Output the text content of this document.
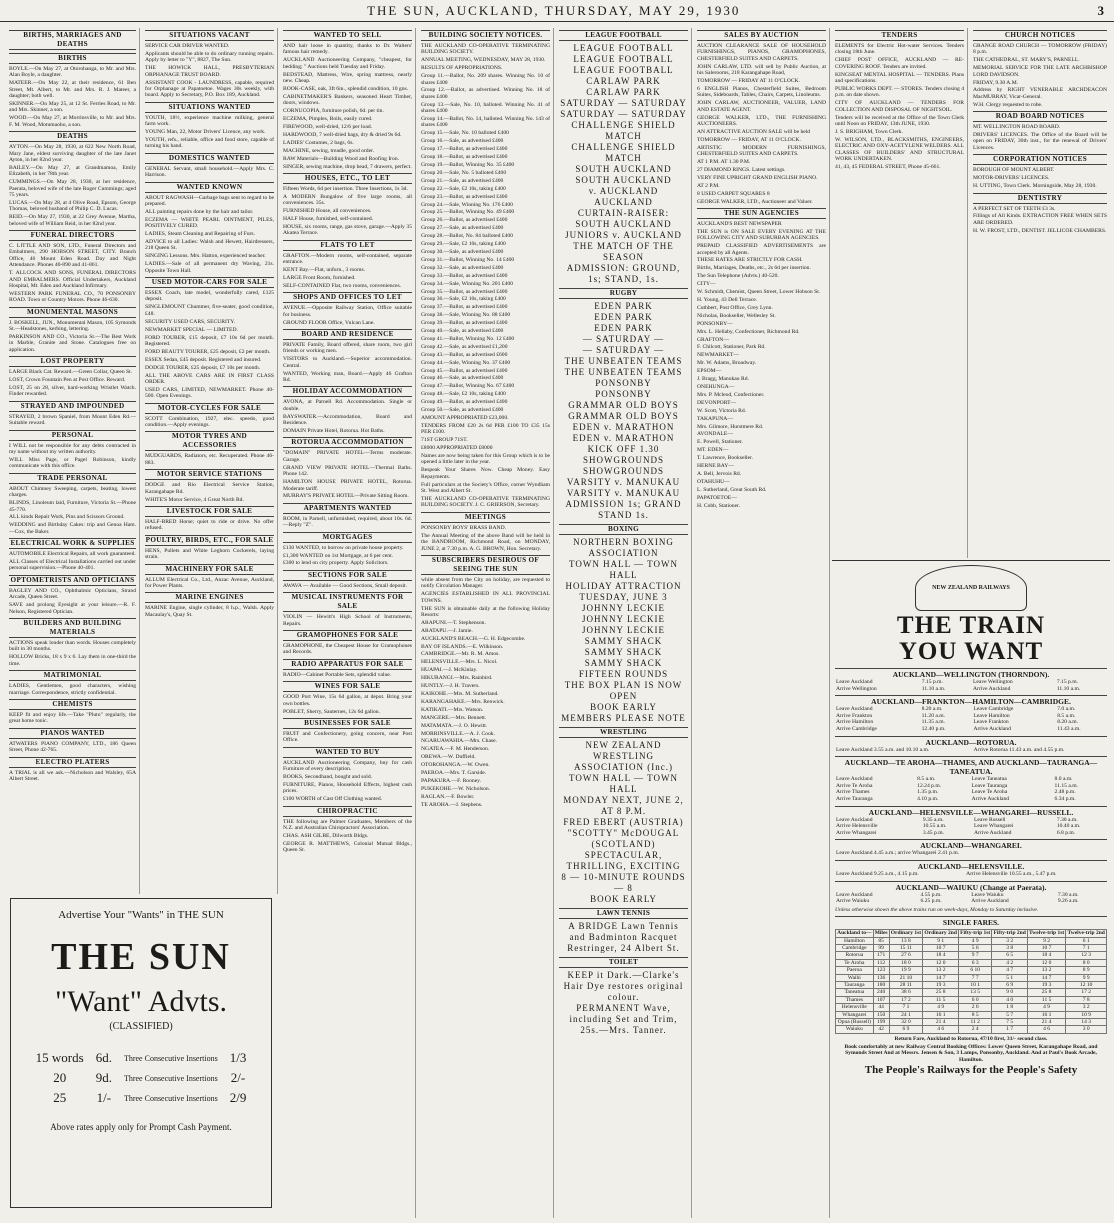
THE SUN, AUCKLAND, THURSDAY, MAY 29, 1930	3
BIRTHS, MARRIAGES AND DEATHS
BIRTHS
BOYLE.—On May 27, at Otorohanga, to Mr. and Mrs. Alan Boyle, a daughter.
MATEER.—On May 22, at their residence, 61 Ben Street, Mt. Albert, to Mr. and Mrs. R. J. Mateer, a daughter; both well.
SKINNER.—On May 25, at 12 St. Ferries Road, to Mr. and Mrs. Skinner, a son.
WOOD.—On May 27, at Morrinsville, to Mr. and Mrs. F. M. Wood, Motumaoho, a son.
DEATHS
AYTON.—On May 28, 1930, at 622 New North Road, Mary Jane, eldest surviving daughter of the late Janet Ayton, in her 82nd year.
BAILEY.—On May 27, at Grandmamoa, Emily Elizabeth, in her 78th year.
CUMMINGS.—On May 28, 1930, at her residence, Paerata, beloved wife of the late Roger Cummings; aged 75 years.
LUCAS.—On May 28, at 4 Olive Road, Epsom, George Thomas, beloved husband of Philip C. D. Lucas.
REID.—On May 27, 1930, at 22 Grey Avenue, Martha, beloved wife of William Reid, in her 82nd year.
FUNERAL DIRECTORS
C. LITTLE AND SON, LTD., Funeral Directors and Embalmers, 290 HOBSON STREET, CITY. Branch Office, 46 Mount Eden Road. Day and Night Attendance. Phones 40-890 and 41-861.
T. ALLCOCK AND SONS, FUNERAL DIRECTORS AND EMBALMERS. Official Undertakers, Auckland Hospital, Mt. Eden and Auckland Infirmary.
WESTERN PARK FUNERAL CO., 70 PONSONBY ROAD. Town or Country Motors. Phone 46-630.
MONUMENTAL MASONS
J. BOSKELL, JUN., Monumental Mason, 105 Symonds St.—Headstones, kerbing, lettering.
PARKINSON AND CO., Victoria St.—The Best Work in Marble, Granite and Stone. Catalogues free on application.
LOST PROPERTY
LARGE Black Cat. Reward.—Green Collar, Queen St.
LOST, Crown Fountain Pen at Post Office. Reward.
LOST, 25 on 28, silver, hard-working Wristlet Watch. Finder rewarded.
STRAYED AND IMPOUNDED
STRAYED, 2 brown Spaniel, from Mount Eden Rd.—Suitable reward.
PERSONAL
I WILL not be responsible for any debts contracted in my name without my written authority.
WILL Miss Page, or Pagel Robinson, kindly communicate with this office.
TRADE PERSONAL
ABOUT Chimney Sweeping, carpets, beating, lowest charges.
BLINDS, Linoleum laid, Furniture, Victoria St.—Phone 45-770.
ALL kinds Repair Work, Pins and Scissors Ground.
WEDDING and Birthday Cakes: trip and Genoa Ham.—Cox, the Baker.
ELECTRICAL WORK & SUPPLIES
AUTOMOBILE Electrical Repairs, all work guaranteed.
ALL Classes of Electrical Installations carried out under personal supervision.—Phone 40-401.
OPTOMETRISTS AND OPTICIANS
BAGLEY AND CO., Ophthalmic Opticians, Strand Arcade, Queen Street.
SAVE and prolong Eyesight at your leisure.—R. F. Nelson, Registered Optician.
BUILDERS AND BUILDING MATERIALS
ACTIONS speak louder than words. Houses completely built in 30 months.
HOLLOW Bricks, 18 x 9 x 6. Lay them in one-third the time.
MATRIMONIAL
LADIES, Gentlemen, good characters, wishing marriage. Correspondence, strictly confidential.
CHEMISTS
KEEP fit and enjoy life.—Take "Pluto" regularly, the great home tonic.
PIANOS WANTED
ATWATERS PIANO COMPANY, LTD., 186 Queen Street, Phone 42-765.
ELECTRO PLATERS
A TRIAL is all we ask.—Nicholson and Walsley, 65A Albert Street.
Advertise Your "Wants" in THE SUN
THE SUN
"Want" Advts.
(CLASSIFIED)
15 words	6d.	Three Consecutive Insertions	1/3
20	9d.	Three Consecutive Insertions	2/-
25	1/-	Three Consecutive Insertions	2/9
Above rates apply only for Prompt Cash Payment.
SITUATIONS VACANT
SERVICE CAR DRIVER WANTED.
Applicants should be able to do ordinary running repairs. Apply by letter to "Y", 8827, The Sun.
THE HOWICK HALL, PRESBYTERIAN ORPHANAGE TRUST BOARD.
ASSISTANT COOK - LAUNDRESS, capable, required for Orphanage at Papatoetoe. Wages 30s weekly, with board. Apply to Secretary, P.O. Box 189, Auckland.
SITUATIONS WANTED
YOUTH, 18½, experience machine milking, general farm work.
YOUNG Man, 22, Motor Drivers' Licence, any work.
YOUTH, refs., reliable, office and food store, capable of turning his hand.
DOMESTICS WANTED
GENERAL Servant, small household.—Apply Mrs. C. Harrison.
WANTED KNOWN
ABOUT RAGWASH—Garbage bags sent to regard to be prepared.
ALL painting repairs done by the hair and tailor.
ECZEMA — WHITE PEARL OINTMENT, PILES, POSITIVELY CURED.
LADIES, Steam Cleaning and Repairing of Furs.
ADVICE to all Ladies: Walsh and Hewett, Hairdressers, 218 Queen St.
SINGING Lessons. Mrs. Hatton, experienced teacher.
LADIES.—Sale of all permanent dry Waving, 21s. Opposite Town Hall.
USED MOTOR-CARS FOR SALE
ESSEX Coach, late model, wonderfully cared, £125 deposit.
SINGLEMOUNT Chummer, five-seater, good condition, £48.
SECURITY USED CARS, SECURITY.
NEWMARKET SPECIAL — LIMITED.
FORD TOURER, £15 deposit, £7 10s 6d per month. Registered.
FORD BEAUTY TOURER, £25 deposit, £2 per month.
ESSEX Sedan, £45 deposit. Registered and insured.
DODGE TOURER, £25 deposit, £7 10s per month.
ALL THE ABOVE CARS ARE IN FIRST CLASS ORDER.
USED CARS, LIMITED, NEWMARKET. Phone 40-500. Open Evenings.
MOTOR-CYCLES FOR SALE
SCOTT Combination, 1927, elec. speedo, good condition.—Apply evenings.
MOTOR TYRES AND ACCESSORIES
MUDGUARDS, Radiators, etc. Recuperated. Phone 46-883.
MOTOR SERVICE STATIONS
DODGE and Rio Electrical Service Station, Karangahape Rd.
WHITE'S Motor Service, 4 Great North Rd.
LIVESTOCK FOR SALE
HALF-BRED Horse; quiet to ride or drive. No offer refused.
POULTRY, BIRDS, ETC., FOR SALE
HENS, Pullets and White Leghorn Cockerels, laying strain.
MACHINERY FOR SALE
ALLUM Electrical Co., Ltd., Anzac Avenue, Auckland, for Power Plants.
MARINE ENGINES
MARINE Engine, single cylinder, 8 h.p., Walsh. Apply Macaulay's, Quay St.
WANTED TO SELL
AND hair loose in quantity, thanks to Dr. Walters' famous hair remedy.
AUCKLAND Auctioneering Company, "cheapest, for bedding; " Auctions held Tuesday and Friday.
BEDSTEAD, Mattress, Wire, spring mattress, nearly new. Cheap.
BOOK-CASE, oak, 3ft 6in., splendid condition, 10 gns.
CABINETMAKER'S Bankers, seasoned Heart Timber, doors, windows.
CORNUCOPIA, furniture polish, 6d. per tin.
ECZEMA, Pimples, Boils, easily cured.
FIREWOOD, well-dried, 12/6 per load.
HARDWOOD, 7 well-dried bags, dry & dried 9s 6d.
LADIES' Costumes, 2 bags, 6s.
MACHINE, sewing, treadle, good order.
RAW Materials—Building Wood and Roofing Iron.
SINGER, sewing machine, drop head, 7 drawers, perfect.
HOUSES, ETC., TO LET
Fifteen Words, 6d per insertion. Three Insertions, 1s 3d.
A MODERN Bungalow of five large rooms, all conveniences. 35s.
FURNISHED House, all conveniences.
HALF House, furnished, self-contained.
HOUSE, six rooms, range, gas stove, garage.—Apply 35 Akatea Terrace.
FLATS TO LET
GRAFTON.—Modern rooms, self-contained, separate entrance.
KENT Bay.—Flat, unfurn., 3 rooms.
LARGE Front Room, furnished.
SELF-CONTAINED Flat, two rooms, conveniences.
SHOPS AND OFFICES TO LET
AVENUE.—Opposite Railway Station, Office suitable for business.
GROUND FLOOR Office, Vulcan Lane.
BOARD AND RESIDENCE
PRIVATE Family, Board offered, share room, two girl friends or working men.
VISITORS to Auckland.—Superior accommodation. Central.
WANTED, Working man, Board.—Apply 46 Grafton Rd.
HOLIDAY ACCOMMODATION
AVONA, at Parnell Rd. Accommodation. Single or double.
BAYSWATER.—Accommodation, Board and Residence.
DOMAIN Private Hotel, Rotorua. Hot Baths.
ROTORUA ACCOMMODATION
"DOMAIN" PRIVATE HOTEL—Terms moderate. Garage.
GRAND VIEW PRIVATE HOTEL—Thermal Baths. Phone 142.
HAMILTON HOUSE PRIVATE HOTEL, Rotorua. Moderate tariff.
MURRAY'S PRIVATE HOTEL—Private Sitting Room.
APARTMENTS WANTED
ROOM, in Parnell, unfurnished, required, about 10s. 6d.—Reply "Z".
MORTGAGES
£130 WANTED, to borrow on private house property.
£1,300 WANTED on 1st Mortgage, at 6 per cent.
£300 to lend on city property. Apply Solicitors.
SECTIONS FOR SALE
AWAVA — Available — Good Sections, Small deposit.
MUSICAL INSTRUMENTS FOR SALE
VIOLIN — Hewitt's High School of Instruments, Repairs.
GRAMOPHONES FOR SALE
GRAMOPHONE, the Cheapest House for Gramophones and Records.
RADIO APPARATUS FOR SALE
RADIO—Cabinet Portable Sets, splendid value.
WINES FOR SALE
GOOD Port Wine, 15s 6d gallon, at depot. Bring your own bottles.
POBLET, Sherry, Sauternes, 12s 6d gallon.
BUSINESSES FOR SALE
FRUIT and Confectionery, going concern, near Post Office.
WANTED TO BUY
AUCKLAND Auctioneering Company, buy for cash Furniture of every description.
BOOKS, Secondhand, bought and sold.
FURNITURE, Pianos, Household Effects, highest cash prices.
£100 WORTH of Cast Off Clothing wanted.
CHIROPRACTIC
THE following are Palmer Graduates, Members of the N.Z. and Australian Chiropractors' Association.
CHAS. ASH GILBE, Dilworth Bldgs.
GEORGE R. MATTHEWS, Colonial Mutual Bldgs., Queen St.
BUILDING SOCIETY NOTICES.
THE AUCKLAND CO-OPERATIVE TERMINATING BUILDING SOCIETY.
ANNUAL MEETING, WEDNESDAY, MAY 28, 1930.
RESULTS OF APPROPRIATIONS.
Group 11.—Ballot, No. 209 shares. Winning No. 10 of shares £400
Group 12.—Ballot, as advertised. Winning No. 18 of shares £400
Group 13.—Sale, No. 10, balloted. Winning No. 41 of shares £400
Group 14.—Ballot, No. 14, balloted. Winning No. 143 of shares £400
Group 15.—Sale, No. 10 balloted £400
Group 16.—Sale, as advertised £400
Group 17.—Ballot, as advertised £400
Group 18.—Ballot, as advertised £400
Group 19.—Ballot, Winning No. 35 £400
Group 20.—Sale, No. 5 balloted £400
Group 21.—Sale, as advertised £400
Group 22.—Sale, £2 10s, taking £400
Group 23.—Ballot, as advertised £400
Group 24.—Sale, Winning No. 176 £400
Group 25.—Ballot, Winning No. 49 £400
Group 26.—Ballot, as advertised £400
Group 27.—Sale, as advertised £400
Group 28.—Ballot, No. 84 balloted £400
Group 29.—Sale, £2 10s, taking £400
Group 30.—Sale, as advertised £400
Group 31.—Ballot, Winning No. 14 £400
Group 32.—Sale, as advertised £400
Group 33.—Ballot, as advertised £400
Group 34.—Sale, Winning No. 201 £400
Group 35.—Ballot, as advertised £400
Group 36.—Sale, £2 10s, taking £400
Group 37.—Ballot, as advertised £400
Group 38.—Sale, Winning No. 88 £400
Group 39.—Ballot, as advertised £400
Group 40.—Sale, as advertised £400
Group 41.—Ballot, Winning No. 12 £400
Group 42.—Sale, as advertised £1,200
Group 43.—Ballot, as advertised £600
Group 44.—Sale, Winning No. 37 £400
Group 45.—Ballot, as advertised £400
Group 46.—Sale, as advertised £400
Group 47.—Ballot, Winning No. 67 £400
Group 48.—Sale, £2 10s, taking £400
Group 49.—Ballot, as advertised £400
Group 50.—Sale, as advertised £400
AMOUNT APPROPRIATED £23,000.
TENDERS FROM £20 2s 6d PER £100 TO £35 15s PER £100.
71ST GROUP 71ST.
£8000 APPROPRIATED £8000
Names are now being taken for this Group which is to be opened a little later in the year.
Bespeak Your Shares Now. Cheap Money. Easy Repayments.
Full particulars at the Society's Office, corner Wyndham St. West and Albert St.
THE AUCKLAND CO-OPERATIVE TERMINATING BUILDING SOCIETY. J. C. GRIERSON, Secretary.
MEETINGS
PONSONBY BOYS' BRASS BAND.
The Annual Meeting of the above Band will be held in the BANDROOM, Richmond Road, on MONDAY, JUNE 2, at 7.30 p.m. A. G. BROWN, Hon. Secretary.
SUBSCRIBERS DESIROUS OF SEEING THE SUN
while absent from the City on holiday, are requested to notify Circulation Manager.
AGENCIES ESTABLISHED IN ALL PROVINCIAL TOWNS.
THE SUN is obtainable daily at the following Holiday Resorts:
ARAPUNI.—T. Stephenson.
ARATAPU.—J. Jamie.
AUCKLAND'S BEACH.—G. H. Edgecombe.
BAY OF ISLANDS.—E. Wilkinson.
CAMBRIDGE.—Mr. R. M. Amos.
HELENSVILLE.—Mrs. L. Nicol.
HUAPAI.—J. McKinlay.
HIKURANGI.—Mrs. Rainbird.
HUNTLY.—J. H. Travers.
KAIKOHE.—Mrs. M. Sutherland.
KARANGAHAKE.—Mrs. Renwick.
KATIKATI.—Mrs. Watson.
MANGERE.—Mrs. Bennett.
MATAMATA.—J. O. Hewitt.
MORRINSVILLE.—A. J. Cook.
NGARUAWAHIA.—Mrs. Chase.
NGATEA.—F. M. Henderson.
OREWA.—W. Duffield.
OTOROHANGA.—W. Owen.
PAEROA.—Mrs. T. Garside.
PAPAKURA.—F. Rooney.
PUKEKOHE.—W. Nicholson.
RAGLAN.—F. Bowler.
TE AROHA.—J. Stephens.
LEAGUE FOOTBALL
LEAGUE FOOTBALL
LEAGUE FOOTBALL
LEAGUE FOOTBALL
CARLAW PARK
CARLAW PARK
SATURDAY — SATURDAY
SATURDAY — SATURDAY
CHALLENGE SHIELD MATCH
CHALLENGE SHIELD MATCH
SOUTH AUCKLAND
SOUTH AUCKLAND
v. AUCKLAND
AUCKLAND
CURTAIN-RAISER: SOUTH AUCKLAND JUNIORS v. AUCKLAND
THE MATCH OF THE SEASON
ADMISSION: GROUND, 1s; STAND, 1s.
RUGBY
EDEN PARK
EDEN PARK
EDEN PARK
— SATURDAY —
— SATURDAY —
THE UNBEATEN TEAMS
THE UNBEATEN TEAMS
PONSONBY
PONSONBY
GRAMMAR OLD BOYS
GRAMMAR OLD BOYS
EDEN v. MARATHON
EDEN v. MARATHON
KICK OFF 1.30
SHOWGROUNDS
SHOWGROUNDS
VARSITY v. MANUKAU
VARSITY v. MANUKAU
ADMISSION 1s; GRAND STAND 1s.
BOXING
NORTHERN BOXING ASSOCIATION
TOWN HALL — TOWN HALL
HOLIDAY ATTRACTION
TUESDAY, JUNE 3
JOHNNY LECKIE
JOHNNY LECKIE
JOHNNY LECKIE
SAMMY SHACK
SAMMY SHACK
SAMMY SHACK
FIFTEEN ROUNDS
THE BOX PLAN IS NOW OPEN
BOOK EARLY
MEMBERS PLEASE NOTE
WRESTLING
NEW ZEALAND WRESTLING ASSOCIATION (Inc.)
TOWN HALL — TOWN HALL
MONDAY NEXT, JUNE 2, AT 8 P.M.
FRED EBERT (AUSTRIA)
"SCOTTY" McDOUGAL (SCOTLAND)
SPECTACULAR, THRILLING, EXCITING
8 — 10-MINUTE ROUNDS — 8
BOOK EARLY
LAWN TENNIS
A BRIDGE Lawn Tennis and Badminton Racquet Restringer, 24 Albert St.
TOILET
KEEP it Dark.—Clarke's Hair Dye restores original colour.
PERMANENT Wave, including Set and Trim, 25s.—Mrs. Tanner.
SALES BY AUCTION
AUCTION CLEARANCE SALE OF HOUSEHOLD FURNISHINGS, PIANOS, GRAMOPHONES, CHESTERFIELD SUITES AND CARPETS.
JOHN CARLAW, LTD. will sell by Public Auction, at his Salerooms, 218 Karangahape Road,
TOMORROW — FRIDAY AT 11 O'CLOCK.
6 ENGLISH Pianos, Chesterfield Suites, Bedroom Suites, Sideboards, Tables, Chairs, Carpets, Linoleums.
JOHN CARLAW, AUCTIONEER, VALUER, LAND AND ESTATE AGENT.
GEORGE WALKER, LTD., THE FURNISHING AUCTIONEERS.
AN ATTRACTIVE AUCTION SALE will be held
TOMORROW — FRIDAY, AT 11 O'CLOCK.
ARTISTIC MODERN FURNISHINGS, CHESTERFIELD SUITES AND CARPETS.
AT 1 P.M. AT 1.30 P.M.
27 DIAMOND RINGS. Latest settings.
VERY FINE UPRIGHT GRAND ENGLISH PIANO.
AT 2 P.M.
8 USED CARPET SQUARES 8
GEORGE WALKER, LTD., Auctioneer and Valuer.
THE SUN AGENCIES
AUCKLAND'S BEST NEWSPAPER
THE SUN is ON SALE EVERY EVENING AT THE FOLLOWING CITY AND SUBURBAN AGENCIES.
PREPAID CLASSIFIED ADVERTISEMENTS are accepted by all Agents.
THESE RATES ARE STRICTLY FOR CASH.
Births, Marriages, Deaths, etc., 2s 6d per insertion.
The Sun Telephone (Advts.) 40-520.
CITY—
W. Schmidt, Chemist, Queen Street, Lower Hobson St.
H. Young, 43 Dell Terrace.
Cuthbert, Post Office, Grey Lynn.
Nicholas, Bookseller, Wellesley St.
PONSONBY—
Mrs. L. Hellaby, Confectioner, Richmond Rd.
GRAFTON—
F. Chilcott, Stationer, Park Rd.
NEWMARKET—
Mr. W. Adams, Broadway.
EPSOM—
J. Bragg, Manukau Rd.
ONEHUNGA—
Mrs. P. Mcleod, Confectioner.
DEVONPORT—
W. Scott, Victoria Rd.
TAKAPUNA—
Mrs. Gilmore, Hurstmere Rd.
AVONDALE—
E. Powell, Stationer.
MT. EDEN—
T. Lawrence, Bookseller.
HERNE BAY—
A. Bell, Jervois Rd.
OTAHUHU—
L. Sutherland, Great South Rd.
PAPATOETOE—
H. Cobb, Stationer.
TENDERS
ELEMENTS for Electric Hot-water Services. Tenders closing 18th June.
CHIEF POST OFFICE, AUCKLAND — RE-COVERING ROOF. Tenders are invited.
KINGSEAT MENTAL HOSPITAL — TENDERS. Plans and specifications.
PUBLIC WORKS DEPT. — STORES. Tenders closing 4 p.m. on date shown.
CITY OF AUCKLAND — TENDERS FOR COLLECTION AND DISPOSAL OF NIGHTSOIL.
Tenders will be received at the Office of the Town Clerk until Noon on FRIDAY, 13th JUNE, 1930.
J. S. BRIGHAM, Town Clerk.
W. WILSON, LTD., BLACKSMITHS, ENGINEERS, ELECTRIC AND OXY-ACETYLENE WELDERS. ALL CLASSES OF BUILDERS' AND STRUCTURAL WORK UNDERTAKEN.
41, 43, 45 FEDERAL STREET, Phone 45-661.
CHURCH NOTICES
GRANGE ROAD CHURCH — TOMORROW (FRIDAY) 8 p.m.
THE CATHEDRAL, ST. MARY'S, PARNELL.
MEMORIAL SERVICE FOR THE LATE ARCHBISHOP LORD DAVIDSON.
FRIDAY, 9.30 A.M.
Address by RIGHT VENERABLE ARCHDEACON MacMURRAY, Vicar-General.
W.H. Clergy requested to robe.
ROAD BOARD NOTICES
MT. WELLINGTON ROAD BOARD.
DRIVERS' LICENCES. The Office of the Board will be open on FRIDAY, 30th inst., for the renewal of Drivers' Licences.
CORPORATION NOTICES
BOROUGH OF MOUNT ALBERT.
MOTOR-DRIVERS' LICENCES.
H. UTTING, Town Clerk. Morningside, May 28, 1930.
DENTISTRY
A PERFECT SET OF TEETH £3 3s.
Fillings of All Kinds. EXTRACTION FREE WHEN SETS ARE ORDERED.
H. W. FROST, LTD., DENTIST. JELLICOE CHAMBERS.
NEW ZEALAND RAILWAYS
THE TRAIN
YOU WANT
AUCKLAND—WELLINGTON (THORNDON).
Leave Auckland	7.15 p.m.	Leave Wellington	7.15 p.m.
Arrive Wellington	11.10 a.m.	Arrive Auckland	11.10 a.m.
AUCKLAND—FRANKTON—HAMILTON—CAMBRIDGE.
Leave Auckland	8.20 a.m.	Leave Cambridge	7.0 a.m.
Arrive Frankton	11.20 a.m.	Leave Hamilton	8.5 a.m.
Arrive Hamilton	11.35 a.m.	Leave Frankton	8.20 a.m.
Arrive Cambridge	12.40 p.m.	Arrive Auckland	11.43 a.m.
AUCKLAND—ROTORUA.
Leave Auckland 3.55 a.m. and 10.10 a.m.		Arrive Rotorua 11.43 a.m. and 4.55 p.m.	
AUCKLAND—TE AROHA—THAMES, AND AUCKLAND—TAURANGA—TANEATUA.
Leave Auckland	8.5 a.m.	Leave Taneatua	8.0 a.m.
Arrive Te Aroha	12.24 p.m.	Leave Tauranga	11.15 a.m.
Arrive Thames	1.35 p.m.	Leave Te Aroha	2.48 p.m.
Arrive Tauranga	4.10 p.m.	Arrive Auckland	6.34 p.m.
AUCKLAND—HELENSVILLE—WHANGAREI—RUSSELL.
Leave Auckland	9.35 a.m.	Leave Russell	7.30 a.m.
Arrive Helensville	10.55 a.m.	Leave Whangarei	10.40 a.m.
Arrive Whangarei	3.45 p.m.	Arrive Auckland	6.8 p.m.
AUCKLAND—WHANGAREI.
Leave Auckland 4.45 a.m.; arrive Whangarei 2.41 p.m.			
AUCKLAND—HELENSVILLE.
Leave Auckland 9.25 a.m., 4.15 p.m.		Arrive Helensville 10.55 a.m., 5.47 p.m.	
AUCKLAND—WAIUKU (Change at Paerata).
Leave Auckland	4.55 p.m.	Leave Waiuku	7.30 a.m.
Arrive Waiuku	6.25 p.m.	Arrive Auckland	9.26 a.m.
Unless otherwise shown the above trains run on week-days, Monday to Saturday inclusive.
SINGLE FARES.
Auckland to—	Miles	Ordinary 1st	Ordinary 2nd	Fifty-trip 1st	Fifty-trip 2nd	Twelve-trip 1st	Twelve-trip 2nd
Hamilton	85	13 8	9 1	4 9	3 2	9 2	6 1
Cambridge	99	15 11	10 7	5 6	3 8	10 7	7 1
Rotorua	171	27 6	18 4	9 7	6 5	18 4	12 3
Te Aroha	112	18 0	12 0	6 3	4 2	12 0	8 0
Paeroa	123	19 9	13 2	6 10	4 7	13 2	8 9
Waihi	136	21 10	14 7	7 7	5 1	14 7	9 9
Tauranga	180	28 11	19 3	10 1	6 9	19 3	12 10
Taneatua	240	38 6	25 8	13 5	9 0	25 8	17 2
Thames	107	17 2	11 5	6 0	4 0	11 5	7 8
Helensville	44	7 1	4 9	2 6	1 8	4 9	3 2
Whangarei	150	24 1	16 1	8 5	5 7	16 1	10 9
Opua (Russell)	199	32 0	21 4	11 2	7 5	21 4	14 3
Waiuku	42	6 9	4 6	2 4	1 7	4 6	3 0
Return Fare, Auckland to Rotorua, 47/10 first, 31/- second class.
Book comfortably at new Railway Central Booking Offices: Lower Queen Street, Karangahape Road, and Symonds Street And at Messrs. Jensen & Son, 3 Lamps, Ponsonby, Auckland. And at Paul's Book Arcade, Hamilton.
The People's Railways for the People's Safety
